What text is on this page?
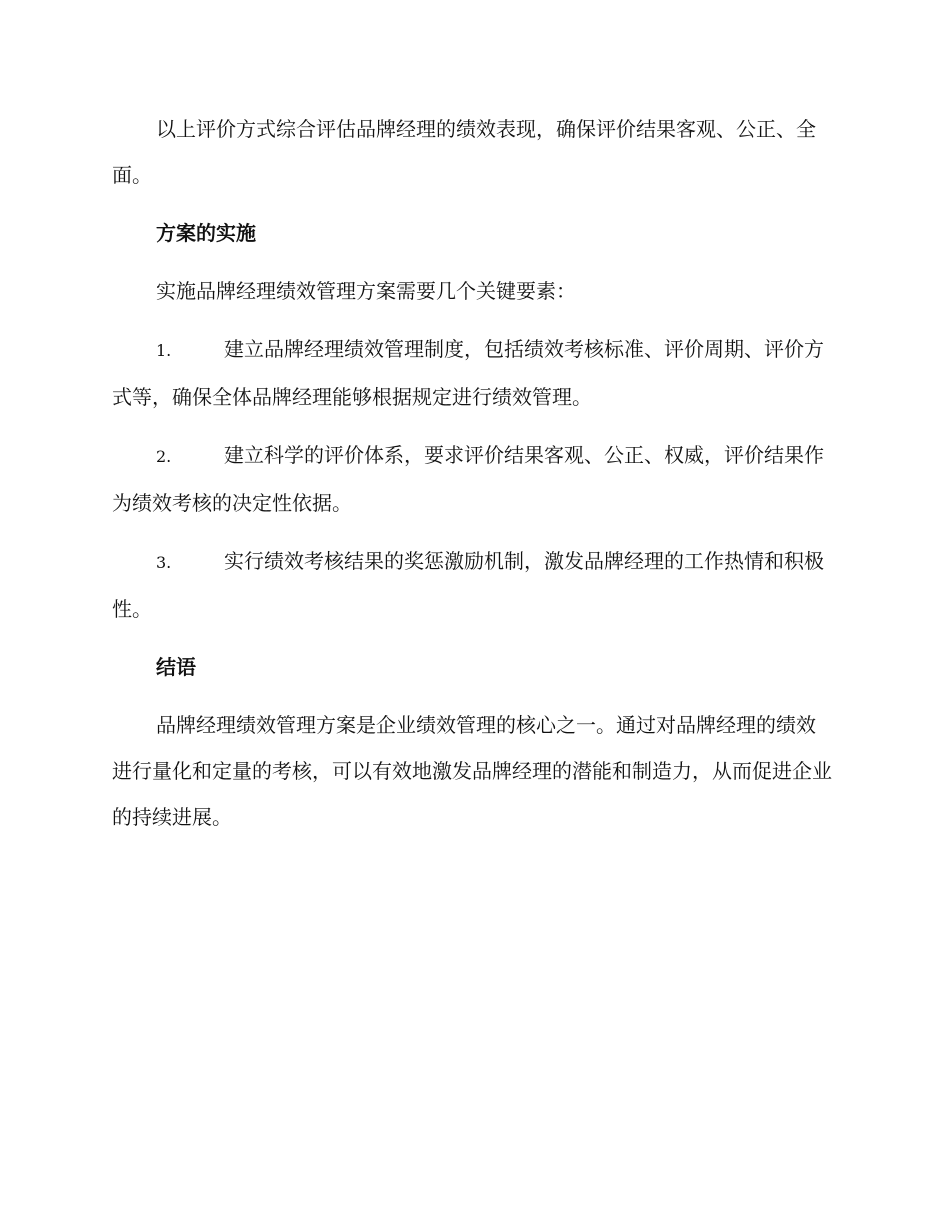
以上评价方式综合评估品牌经理的绩效表现，确保评价结果客观、公正、全面。

方案的实施

实施品牌经理绩效管理方案需要几个关键要素：

1.	建立品牌经理绩效管理制度，包括绩效考核标准、评价周期、评价方式等，确保全体品牌经理能够根据规定进行绩效管理。

2.	建立科学的评价体系，要求评价结果客观、公正、权威，评价结果作为绩效考核的决定性依据。

3.	实行绩效考核结果的奖惩激励机制，激发品牌经理的工作热情和积极性。

结语

品牌经理绩效管理方案是企业绩效管理的核心之一。通过对品牌经理的绩效进行量化和定量的考核，可以有效地激发品牌经理的潜能和制造力，从而促进企业的持续进展。
